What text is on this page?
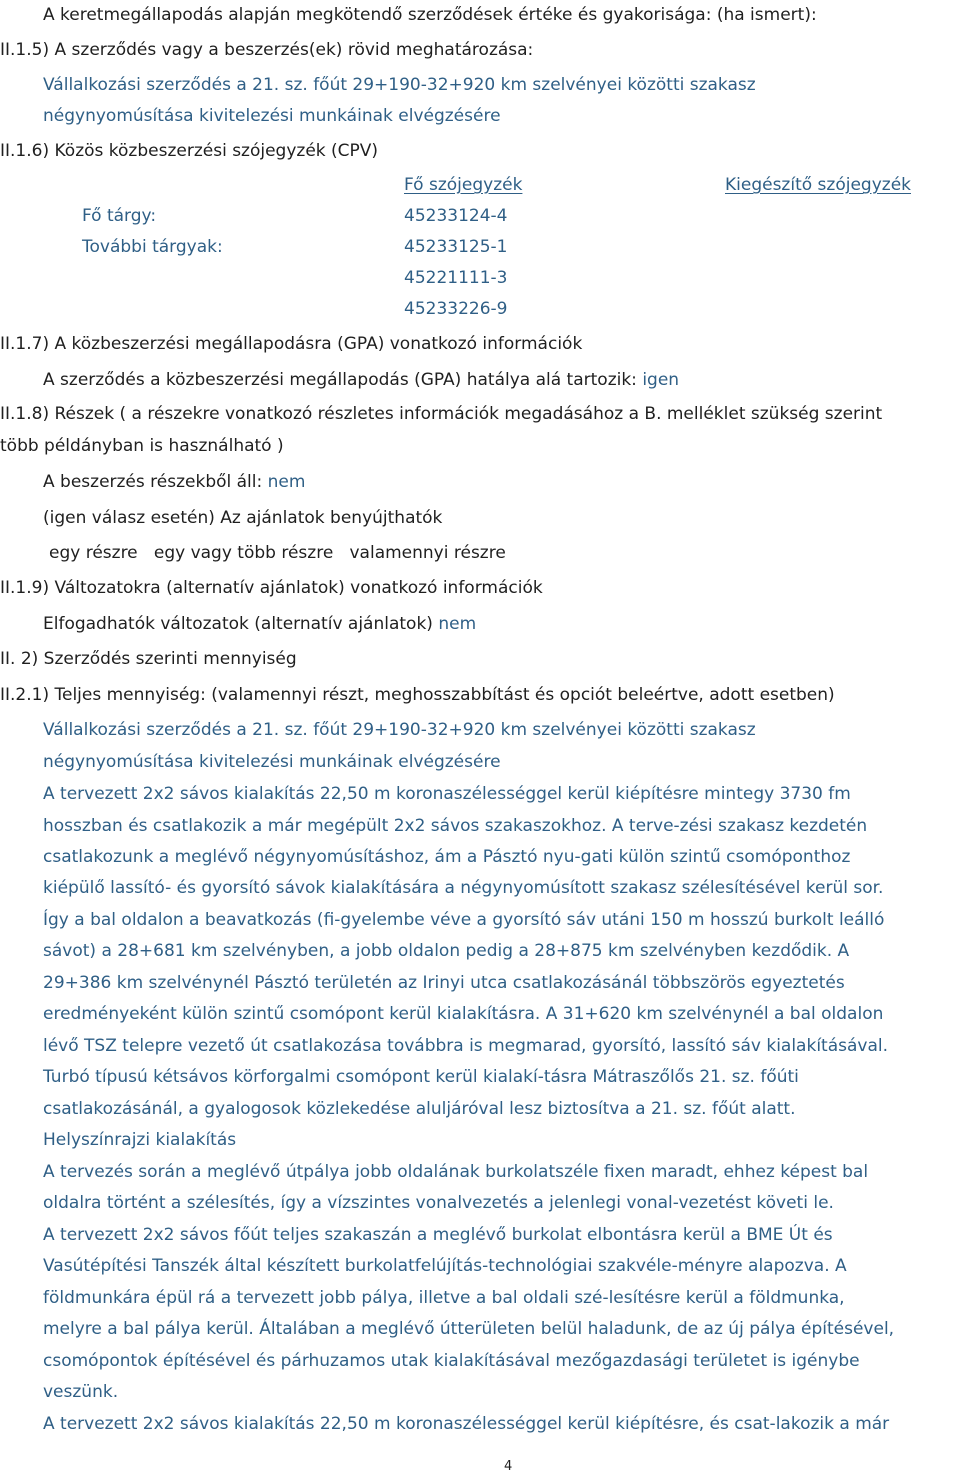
A keretmegállapodás alapján megkötendő szerződések értéke és gyakorisága: (ha ismert):
II.1.5) A szerződés vagy a beszerzés(ek) rövid meghatározása:
Vállalkozási szerződés a 21. sz. főút 29+190-32+920 km szelvényei közötti szakasz
négynyomúsítása kivitelezési munkáinak elvégzésére
II.1.6) Közös közbeszerzési szójegyzék (CPV)
Fő szójegyzék	Kiegészítő szójegyzék
Fő tárgy:	45233124-4
További tárgyak:	45233125-1
45221111-3
45233226-9
II.1.7) A közbeszerzési megállapodásra (GPA) vonatkozó információk
A szerződés a közbeszerzési megállapodás (GPA) hatálya alá tartozik: igen
II.1.8) Részek ( a részekre vonatkozó részletes információk megadásához a B. melléklet szükség szerint
több példányban is használható )
A beszerzés részekből áll: nem
(igen válasz esetén) Az ajánlatok benyújthatók
egy részre   egy vagy több részre   valamennyi részre
II.1.9) Változatokra (alternatív ajánlatok) vonatkozó információk
Elfogadhatók változatok (alternatív ajánlatok) nem
II. 2) Szerződés szerinti mennyiség
II.2.1) Teljes mennyiség: (valamennyi részt, meghosszabbítást és opciót beleértve, adott esetben)
Vállalkozási szerződés a 21. sz. főút 29+190-32+920 km szelvényei közötti szakasz
négynyomúsítása kivitelezési munkáinak elvégzésére
A tervezett 2x2 sávos kialakítás 22,50 m koronaszélességgel kerül kiépítésre mintegy 3730 fm
hosszban és csatlakozik a már megépült 2x2 sávos szakaszokhoz. A terve-zési szakasz kezdetén
csatlakozunk a meglévő négynyomúsításhoz, ám a Pásztó nyu-gati külön szintű csomóponthoz
kiépülő lassító- és gyorsító sávok kialakítására a négynyomúsított szakasz szélesítésével kerül sor.
Így a bal oldalon a beavatkozás (fi-gyelembe véve a gyorsító sáv utáni 150 m hosszú burkolt leálló
sávot) a 28+681 km szelvényben, a jobb oldalon pedig a 28+875 km szelvényben kezdődik. A
29+386 km szelvénynél Pásztó területén az Irinyi utca csatlakozásánál többszörös egyeztetés
eredményeként külön szintű csomópont kerül kialakításra. A 31+620 km szelvénynél a bal oldalon
lévő TSZ telepre vezető út csatlakozása továbbra is megmarad, gyorsító, lassító sáv kialakításával.
Turbó típusú kétsávos körforgalmi csomópont kerül kialakí-tásra Mátraszőlős 21. sz. főúti
csatlakozásánál, a gyalogosok közlekedése aluljáróval lesz biztosítva a 21. sz. főút alatt.
Helyszínrajzi kialakítás
A tervezés során a meglévő útpálya jobb oldalának burkolatszéle fixen maradt, ehhez képest bal
oldalra történt a szélesítés, így a vízszintes vonalvezetés a jelenlegi vonal-vezetést követi le.
A tervezett 2x2 sávos főút teljes szakaszán a meglévő burkolat elbontásra kerül a BME Út és
Vasútépítési Tanszék által készített burkolatfelújítás-technológiai szakvéle-ményre alapozva. A
földmunkára épül rá a tervezett jobb pálya, illetve a bal oldali szé-lesítésre kerül a földmunka,
melyre a bal pálya kerül. Általában a meglévő útterületen belül haladunk, de az új pálya építésével,
csomópontok építésével és párhuzamos utak kialakításával mezőgazdasági területet is igénybe
veszünk.
A tervezett 2x2 sávos kialakítás 22,50 m koronaszélességgel kerül kiépítésre, és csat-lakozik a már
4
